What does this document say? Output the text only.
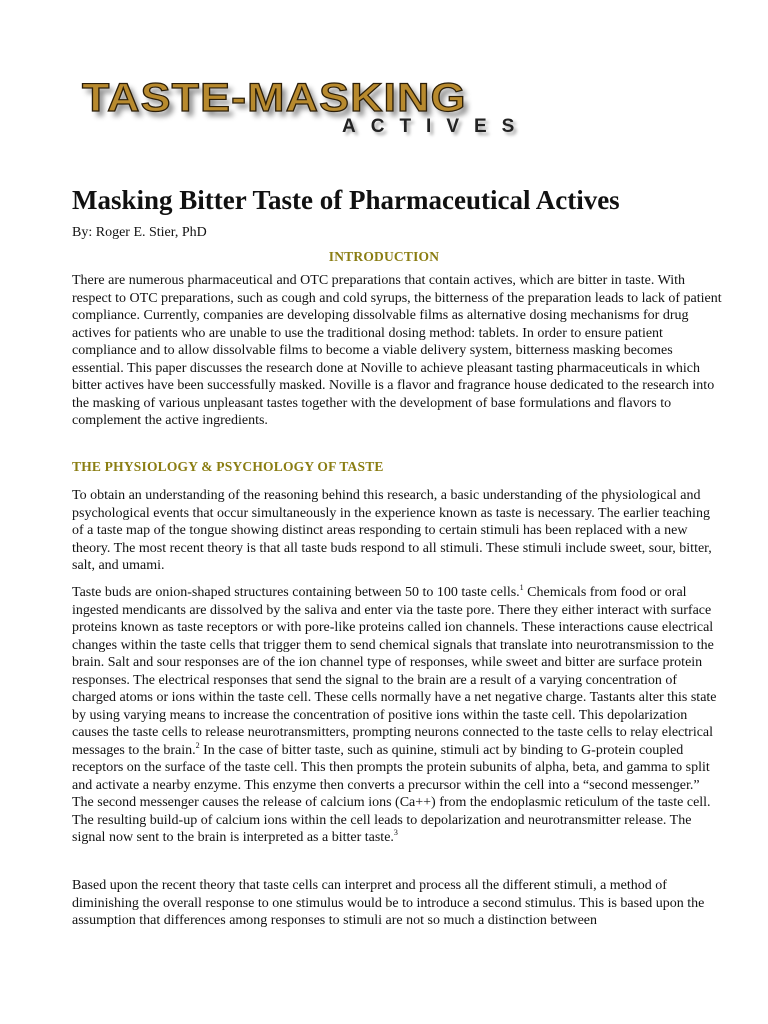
TASTE-MASKING
ACTIVES
Masking Bitter Taste of Pharmaceutical Actives

By: Roger E. Stier, PhD

INTRODUCTION

There are numerous pharmaceutical and OTC preparations that contain actives, which are bitter in taste. With respect to OTC preparations, such as cough and cold syrups, the bitterness of the preparation leads to lack of patient compliance. Currently, companies are developing dissolvable films as alternative dosing mechanisms for drug actives for patients who are unable to use the traditional dosing method: tablets. In order to ensure patient compliance and to allow dissolvable films to become a viable delivery system, bitterness masking becomes essential. This paper discusses the research done at Noville to achieve pleasant tasting pharmaceuticals in which bitter actives have been successfully masked. Noville is a flavor and fragrance house dedicated to the research into the masking of various unpleasant tastes together with the development of base formulations and flavors to complement the active ingredients.

THE PHYSIOLOGY & PSYCHOLOGY OF TASTE

To obtain an understanding of the reasoning behind this research, a basic understanding of the physiological and psychological events that occur simultaneously in the experience known as taste is necessary. The earlier teaching of a taste map of the tongue showing distinct areas responding to certain stimuli has been replaced with a new theory. The most recent theory is that all taste buds respond to all stimuli. These stimuli include sweet, sour, bitter, salt, and umami.

Taste buds are onion-shaped structures containing between 50 to 100 taste cells.$^1$ Chemicals from food or oral ingested mendicants are dissolved by the saliva and enter via the taste pore. There they either interact with surface proteins known as taste receptors or with pore-like proteins called ion channels. These interactions cause electrical changes within the taste cells that trigger them to send chemical signals that translate into neurotransmission to the brain. Salt and sour responses are of the ion channel type of responses, while sweet and bitter are surface protein responses. The electrical responses that send the signal to the brain are a result of a varying concentration of charged atoms or ions within the taste cell. These cells normally have a net negative charge. Tastants alter this state by using varying means to increase the concentration of positive ions within the taste cell. This depolarization causes the taste cells to release neurotransmitters, prompting neurons connected to the taste cells to relay electrical messages to the brain.$^2$ In the case of bitter taste, such as quinine, stimuli act by binding to G-protein coupled receptors on the surface of the taste cell. This then prompts the protein subunits of alpha, beta, and gamma to split and activate a nearby enzyme. This enzyme then converts a precursor within the cell into a “second messenger.” The second messenger causes the release of calcium ions (Ca++) from the endoplasmic reticulum of the taste cell. The resulting build-up of calcium ions within the cell leads to depolarization and neurotransmitter release. The signal now sent to the brain is interpreted as a bitter taste.$^3$

Based upon the recent theory that taste cells can interpret and process all the different stimuli, a method of diminishing the overall response to one stimulus would be to introduce a second stimulus. This is based upon the assumption that differences among responses to stimuli are not so much a distinction between
